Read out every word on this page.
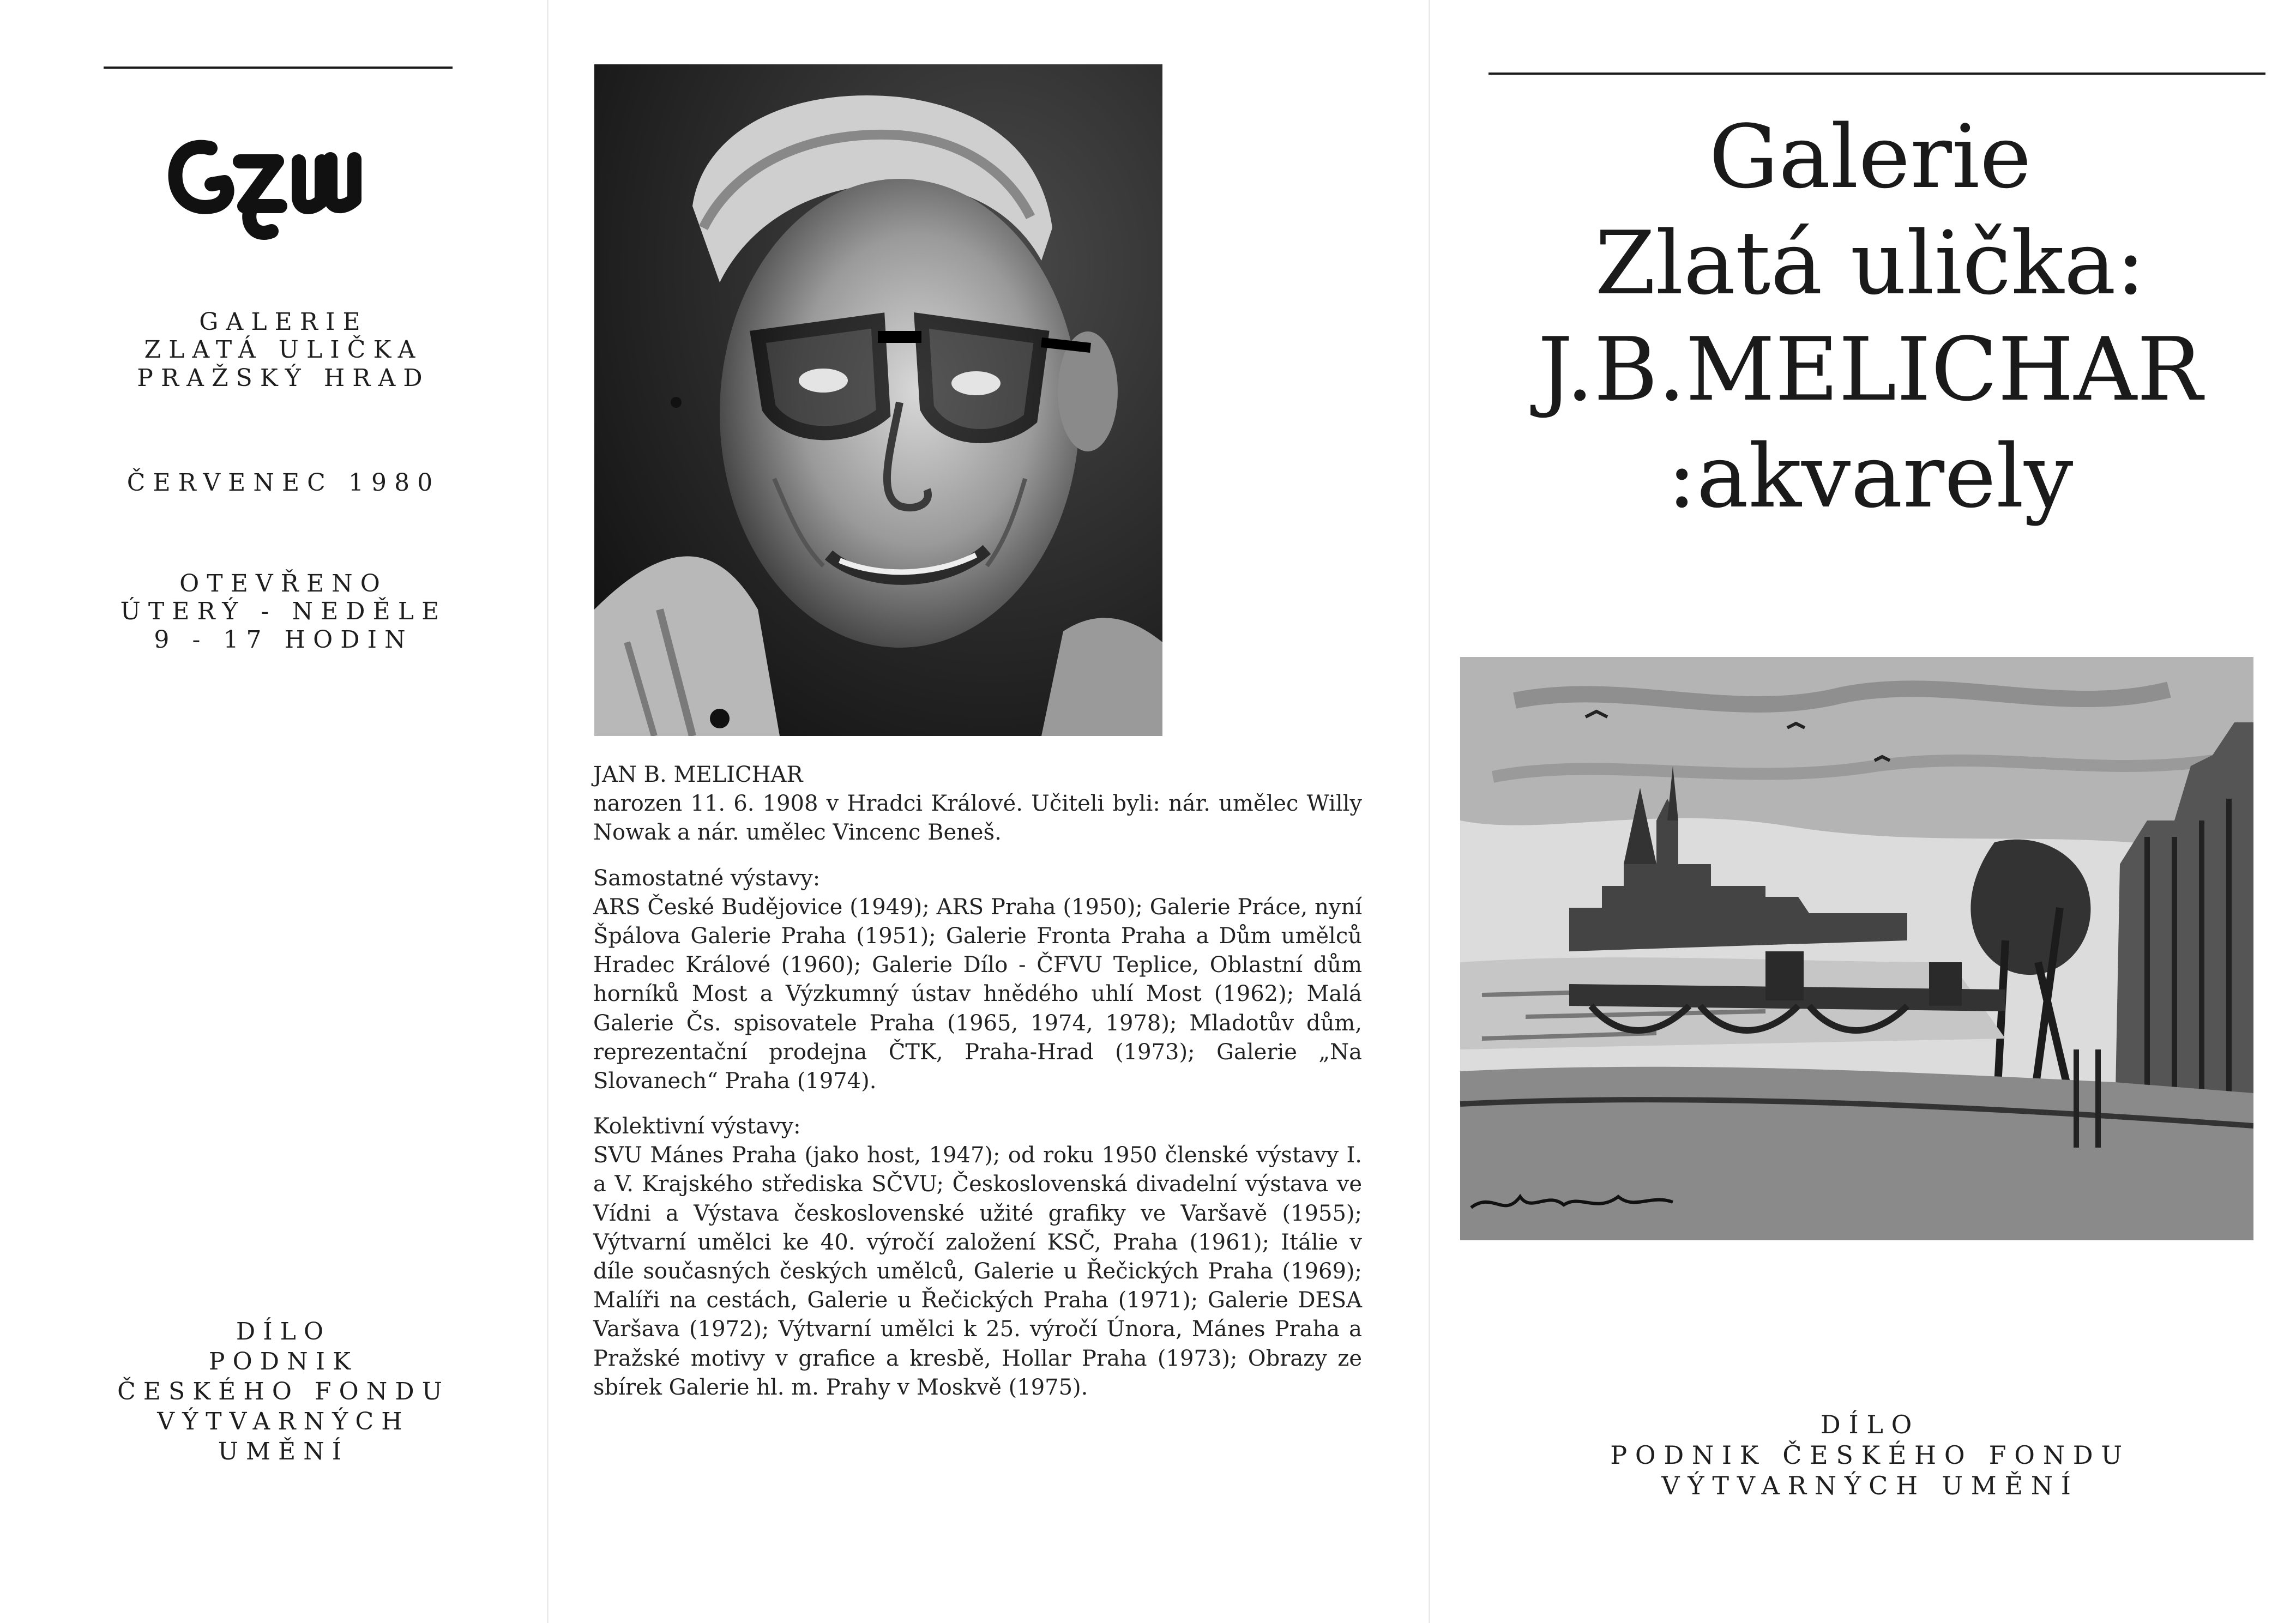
GZU
GALERIE
ZLATÁ ULIČKA
PRAŽSKÝ HRAD
ČERVENEC 1980
OTEVŘENO
ÚTERÝ - NEDĚLE
9 - 17 HODIN
DÍLO
PODNIK
ČESKÉHO FONDU
VÝTVARNÝCH
UMĚNÍ

JAN B. MELICHAR
narozen 11. 6. 1908 v Hradci Králové. Učiteli byli: nár. umělec Willy Nowak a nár. umělec Vincenc Beneš.

Samostatné výstavy:
ARS České Budějovice (1949); ARS Praha (1950); Galerie Práce, nyní Špálova Galerie Praha (1951); Galerie Fronta Praha a Dům umělců Hradec Králové (1960); Galerie Dílo - ČFVU Teplice, Oblastní dům horníků Most a Výzkumný ústav hnědého uhlí Most (1962); Malá Galerie Čs. spisovatele Praha (1965, 1974, 1978); Mladotův dům, reprezentační prodejna ČTK, Praha-Hrad (1973); Galerie „Na Slovanech“ Praha (1974).

Kolektivní výstavy:
SVU Mánes Praha (jako host, 1947); od roku 1950 členské výstavy I. a V. Krajského střediska SČVU; Československá divadelní výstava ve Vídni a Výstava československé užité grafiky ve Varšavě (1955); Výtvarní umělci ke 40. výročí založení KSČ, Praha (1961); Itálie v díle současných českých umělců, Galerie u Řečických Praha (1969); Malíři na cestách, Galerie u Řečických Praha (1971); Galerie DESA Varšava (1972); Výtvarní umělci k 25. výročí Února, Mánes Praha a Pražské motivy v grafice a kresbě, Hollar Praha (1973); Obrazy ze sbírek Galerie hl. m. Prahy v Moskvě (1975).

Galerie
Zlatá ulička:
J.B.MELICHAR
:akvarely
DÍLO
PODNIK ČESKÉHO FONDU
VÝTVARNÝCH UMĚNÍ
